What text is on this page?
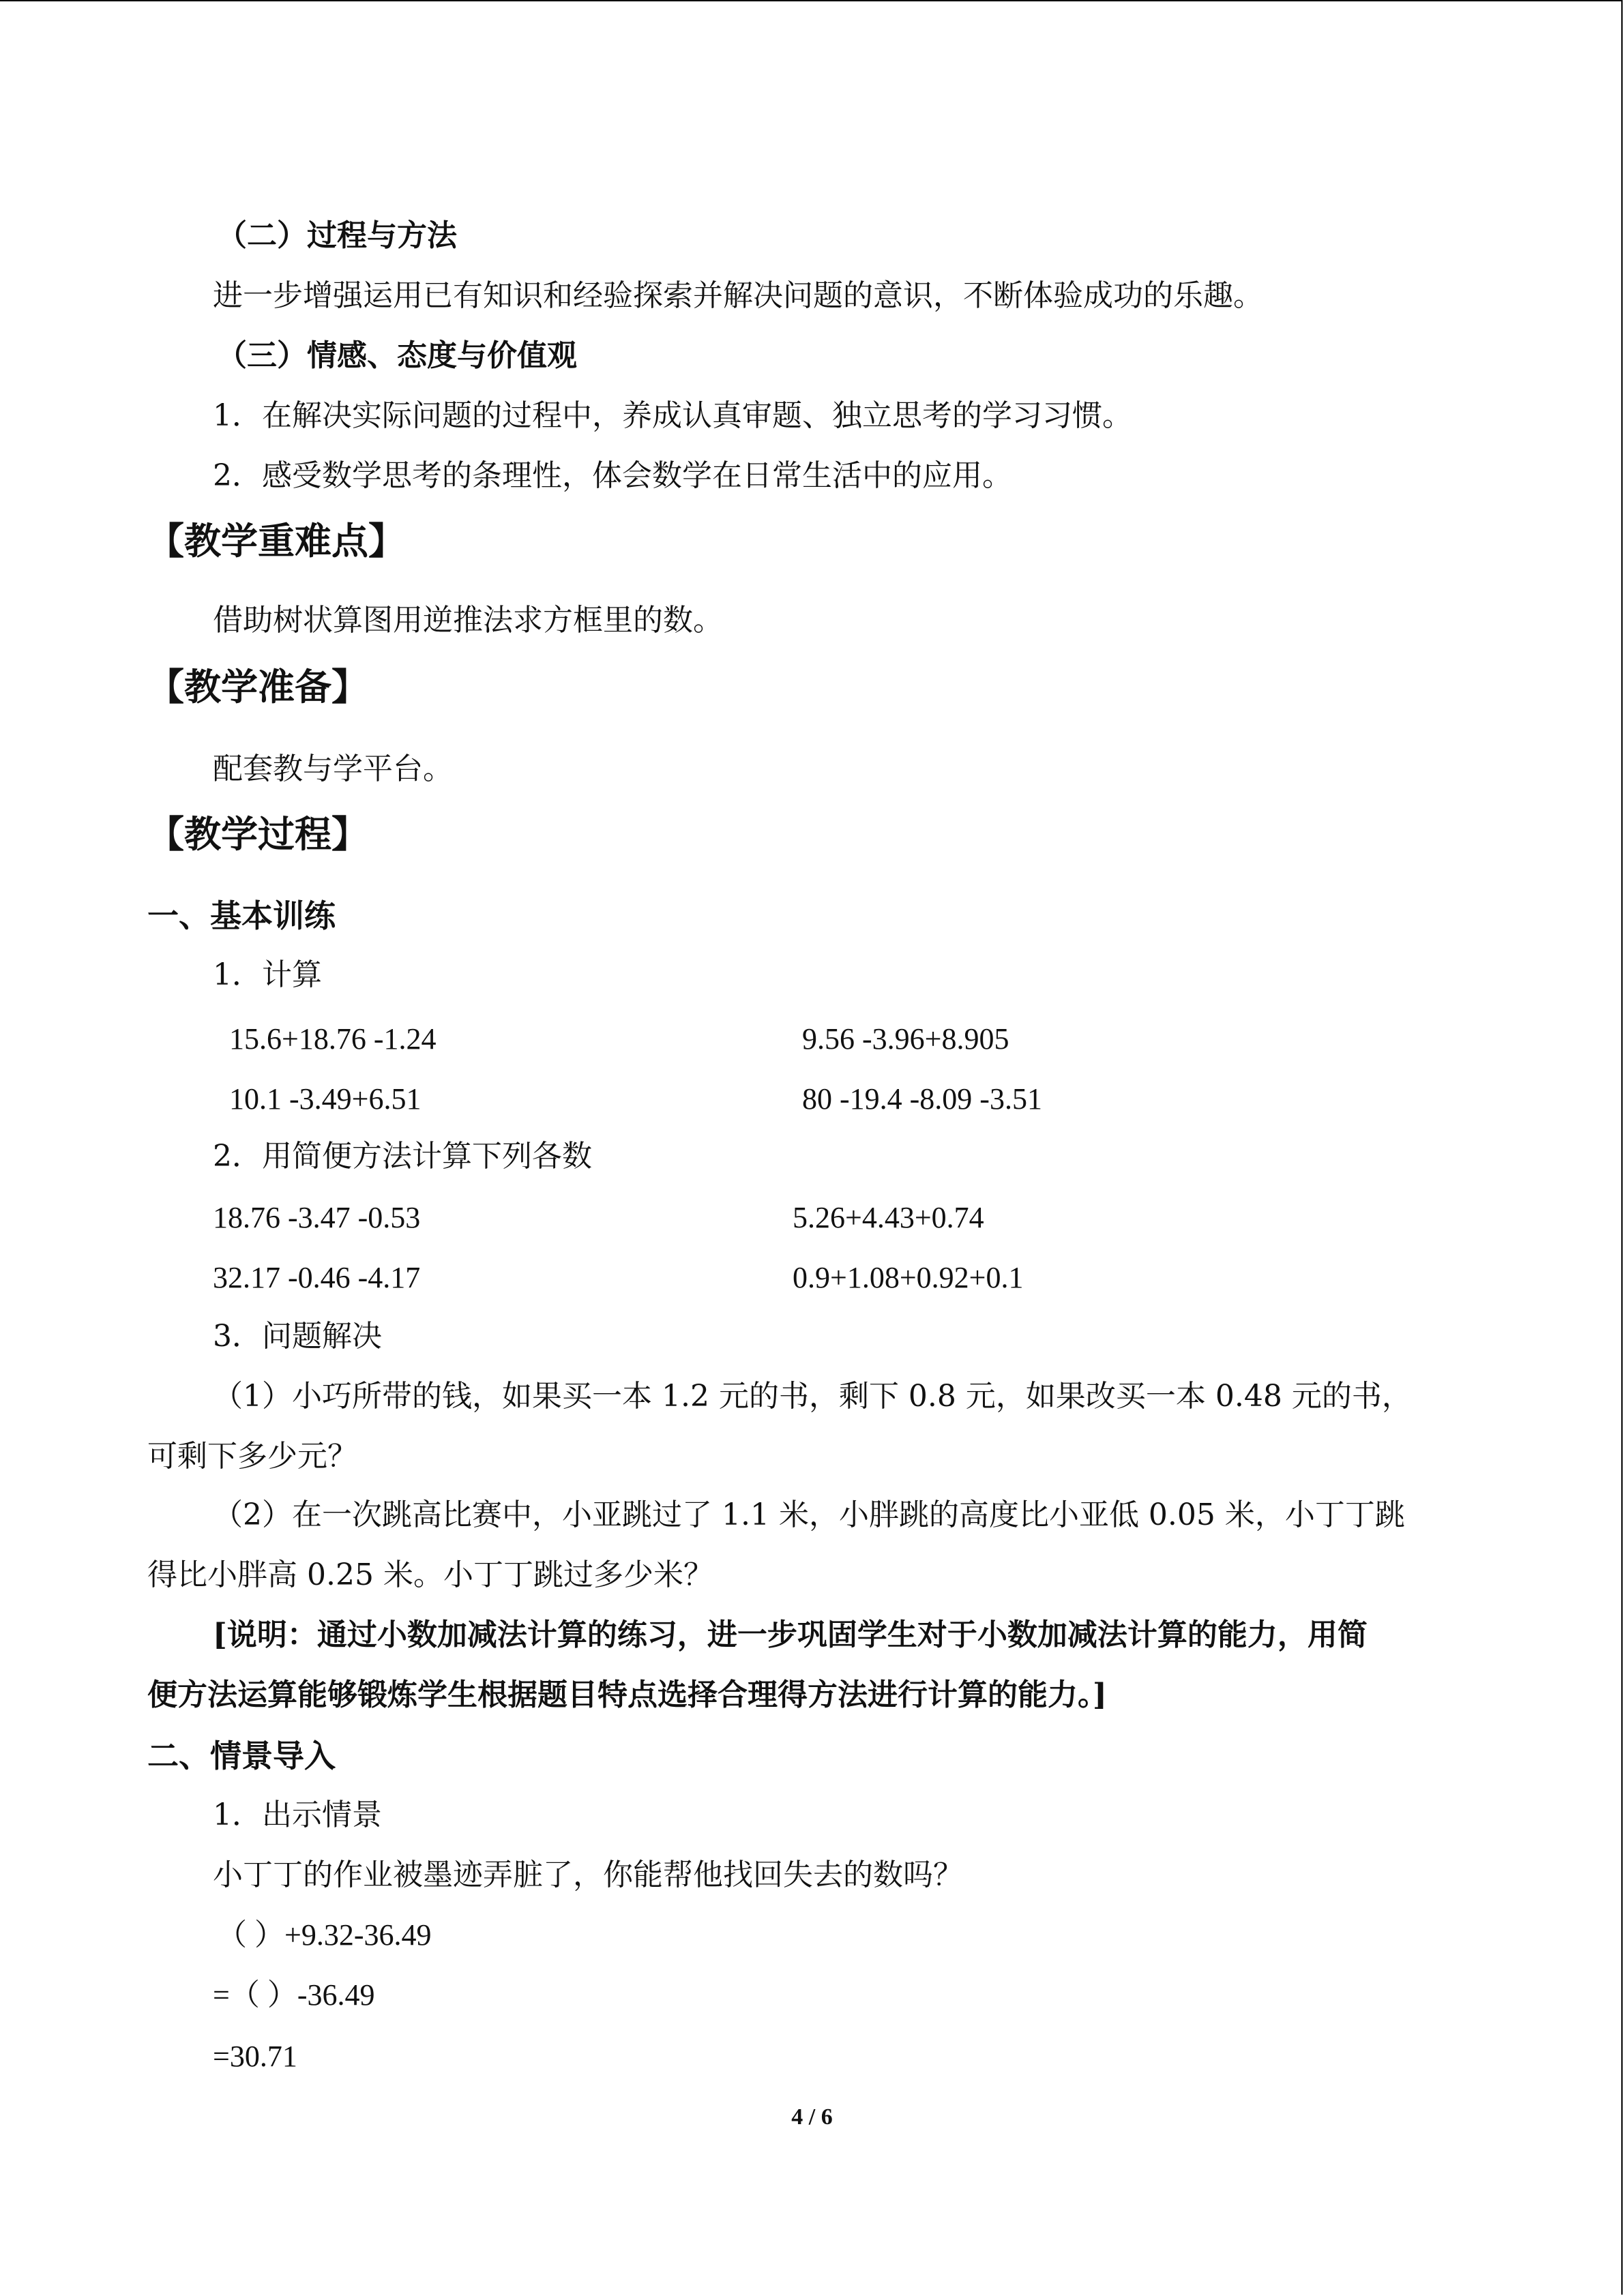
（二）过程与方法
进一步增强运用已有知识和经验探索并解决问题的意识，不断体验成功的乐趣。
（三）情感、态度与价值观
1．在解决实际问题的过程中，养成认真审题、独立思考的学习习惯。
2．感受数学思考的条理性，体会数学在日常生活中的应用。
【教学重难点】
借助树状算图用逆推法求方框里的数。
【教学准备】
配套教与学平台。
【教学过程】
一、基本训练
1．计算
15.6+18.76 -1.24	9.56 -3.96+8.905
10.1 -3.49+6.51	80 -19.4 -8.09 -3.51
2．用简便方法计算下列各数
18.76 -3.47 -0.53	5.26+4.43+0.74
32.17 -0.46 -4.17	0.9+1.08+0.92+0.1
3．问题解决
（1）小巧所带的钱，如果买一本 1.2 元的书，剩下 0.8 元，如果改买一本 0.48 元的书，
可剩下多少元？
（2）在一次跳高比赛中，小亚跳过了 1.1 米，小胖跳的高度比小亚低 0.05 米，小丁丁跳
得比小胖高 0.25 米。小丁丁跳过多少米？
[说明：通过小数加减法计算的练习，进一步巩固学生对于小数加减法计算的能力，用简
便方法运算能够锻炼学生根据题目特点选择合理得方法进行计算的能力。]
二、情景导入
1．出示情景
小丁丁的作业被墨迹弄脏了，你能帮他找回失去的数吗？
（ ）+9.32-36.49
=（ ）-36.49
=30.71
4 / 6
